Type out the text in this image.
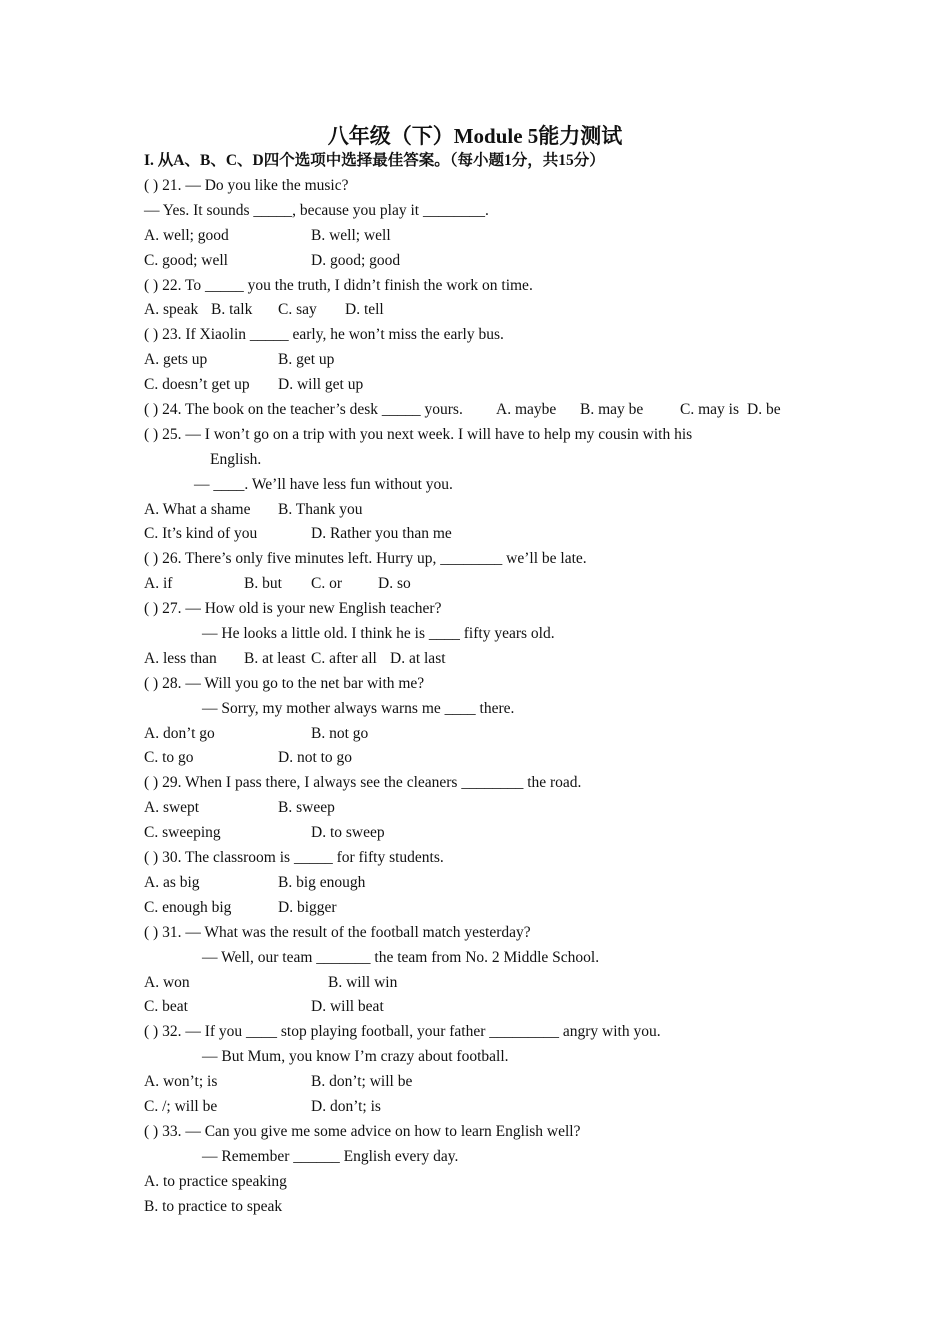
八年级（下）Module 5能力测试
I. 从A、B、C、D四个选项中选择最佳答案。（每小题1分，共15分）
( ) 21. — Do you like the music?
— Yes. It sounds _____, because you play it ________.
A. well; good	B. well; well
C. good; well	D. good; good
( ) 22. To _____ you the truth, I didn’t finish the work on time.
A. speak B. talk C. say D. tell
( ) 23. If Xiaolin _____ early, he won’t miss the early bus.
A. gets up	B. get up
C. doesn’t get up D. will get up
( ) 24. The book on the teacher’s desk _____ yours. A. maybe B. may be C. may is D. be
( ) 25. — I won’t go on a trip with you next week. I will have to help my cousin with his
English.
— ____. We’ll have less fun without you.
A. What a shame B. Thank you
C. It’s kind of you	D. Rather you than me
( ) 26. There’s only five minutes left. Hurry up, ________ we’ll be late.
A. if	B. but C. or D. so
( ) 27. — How old is your new English teacher?
— He looks a little old. I think he is ____ fifty years old.
A. less than B. at least C. after all D. at last
( ) 28. — Will you go to the net bar with me?
— Sorry, my mother always warns me ____ there.
A. don’t go	B. not go
C. to go	D. not to go
( ) 29. When I pass there, I always see the cleaners ________ the road.
A. swept	B. sweep
C. sweeping	D. to sweep
( ) 30. The classroom is _____ for fifty students.
A. as big	B. big enough
C. enough big	D. bigger
( ) 31. — What was the result of the football match yesterday?
— Well, our team _______ the team from No. 2 Middle School.
A. won	B. will win
C. beat	D. will beat
( ) 32. — If you ____ stop playing football, your father _________ angry with you.
— But Mum, you know I’m crazy about football.
A. won’t; is	B. don’t; will be
C. /; will be	D. don’t; is
( ) 33. — Can you give me some advice on how to learn English well?
— Remember ______ English every day.
A. to practice speaking
B. to practice to speak
